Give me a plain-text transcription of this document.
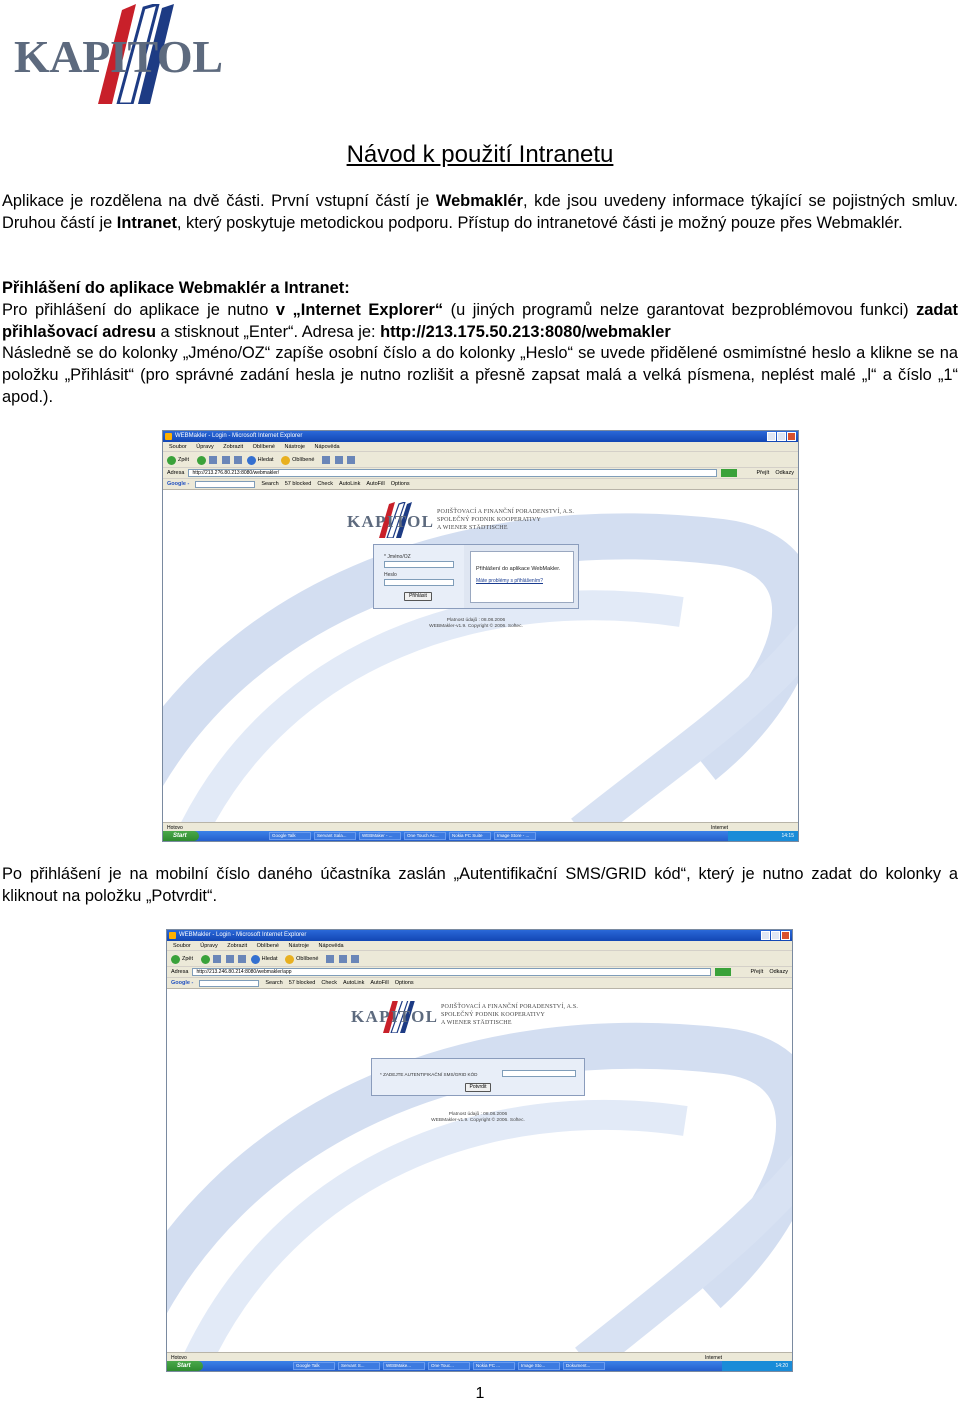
KAPITOL
Návod k použití Intranetu
Aplikace je rozdělena na dvě části. První vstupní částí je Webmaklér, kde jsou uvedeny informace týkající se pojistných smluv. Druhou částí je Intranet, který poskytuje metodickou podporu. Přístup do intranetové části je možný pouze přes Webmaklér.
Přihlášení do aplikace Webmaklér a Intranet:
Pro přihlášení do aplikace je nutno v „Internet Explorer“ (u jiných programů nelze garantovat bezproblémovou funkci) zadat přihlašovací adresu a stisknout „Enter“. Adresa je: http://213.175.50.213:8080/webmakler
Následně se do kolonky „Jméno/OZ“ zapíše osobní číslo a do kolonky „Heslo“ se uvede přidělené osmimístné heslo a klikne se na položku „Přihlásit“ (pro správné zadání hesla je nutno rozlišit a přesně zapsat malá a velká písmena, neplést malé „l“ a číslo „1“ apod.).
WEBMakler - Login - Microsoft Internet Explorer
Soubor Úpravy Zobrazit Oblíbené Nástroje Nápověda
Zpět	Hledat	Oblíbené
Adresa	http://213.2?6.80.213:8080/webmakler/	Přejít Odkazy
Google -	Search 57 blocked Check AutoLink AutoFill Options
KAPITOL POJIŠŤOVACÍ A FINANČNÍ PORADENSTVÍ, A.S.
SPOLEČNÝ PODNIK KOOPERATIVY
A WIENER STÄDTISCHE
* Jméno/OZ
Heslo
Přihlásit
Přihlášení do aplikace WebMakler.
Máte problémy s přihlášením?
Platnost údajů : 08.08.2006
WEBMakler-v1.9. Copyright © 2006. Softec.
Hotovo	Internet
Start	Google Talk	Servant Sala...	WEBMaker - ...	One Touch Ac...	Nokia PC Suite	Image Store - ...	14:15
Po přihlášení je na mobilní číslo daného účastníka zaslán „Autentifikační SMS/GRID kód“, který je nutno zadat do kolonky a kliknout na položku „Potvrdit“.
WEBMakler - Login - Microsoft Internet Explorer
Soubor Úpravy Zobrazit Oblíbené Nástroje Nápověda
Zpět	Hledat	Oblíbené
Adresa	http://213.246.80.214:8080/webmakler/app	Přejít Odkazy
Google -	Search 57 blocked Check AutoLink AutoFill Options
KAPITOL POJIŠŤOVACÍ A FINANČNÍ PORADENSTVÍ, A.S.
SPOLEČNÝ PODNIK KOOPERATIVY
A WIENER STÄDTISCHE
* ZADEJTE AUTENTIFIKAČNÍ SMS/GRID KÓD
Potvrdit
Platnost údajů : 08.08.2006
WEBMakler-v1.9. Copyright © 2006. Softec.
Hotovo	Internet
Start	Google Talk	Servant S...	WEBMake...	One Touc...	Nokia PC ...	Image Sto...	Dokument...	14:20
1
